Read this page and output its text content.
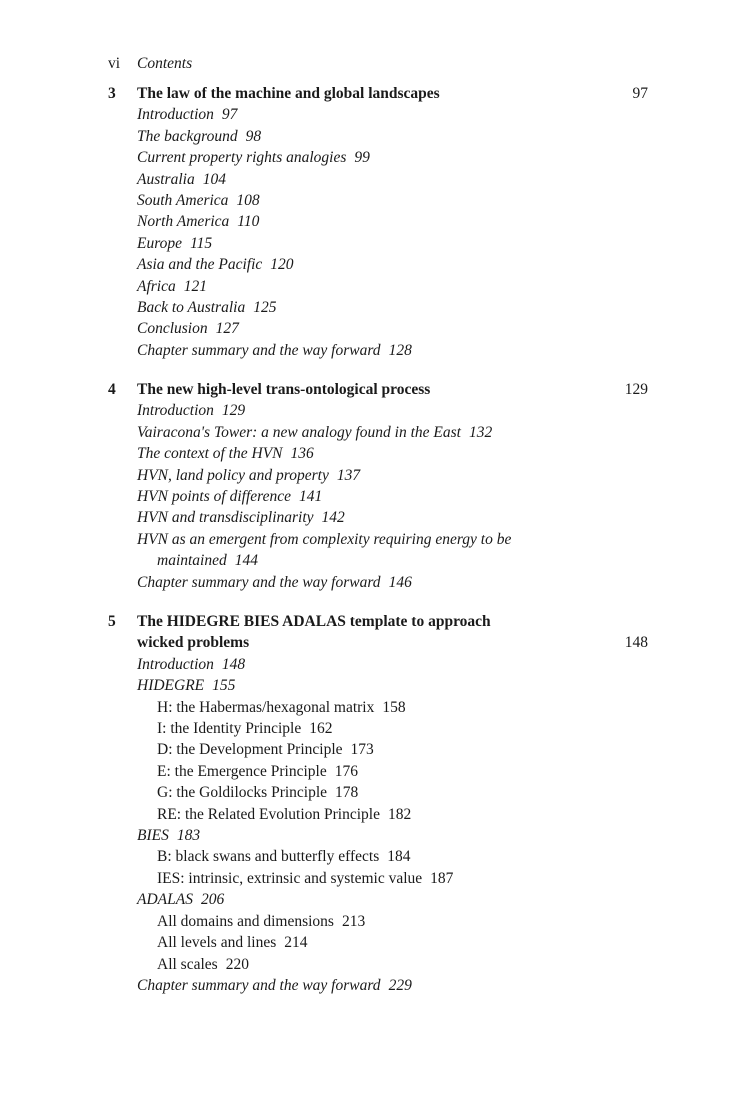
vi Contents
3 The law of the machine and global landscapes	97
Introduction 97
The background 98
Current property rights analogies 99
Australia 104
South America 108
North America 110
Europe 115
Asia and the Pacific 120
Africa 121
Back to Australia 125
Conclusion 127
Chapter summary and the way forward 128
4 The new high-level trans-ontological process	129
Introduction 129
Vairacona's Tower: a new analogy found in the East 132
The context of the HVN 136
HVN, land policy and property 137
HVN points of difference 141
HVN and transdisciplinarity 142
HVN as an emergent from complexity requiring energy to be maintained 144
Chapter summary and the way forward 146
5 The HIDEGRE BIES ADALAS template to approach wicked problems	148
Introduction 148
HIDEGRE 155
H: the Habermas/hexagonal matrix 158
I: the Identity Principle 162
D: the Development Principle 173
E: the Emergence Principle 176
G: the Goldilocks Principle 178
RE: the Related Evolution Principle 182
BIES 183
B: black swans and butterfly effects 184
IES: intrinsic, extrinsic and systemic value 187
ADALAS 206
All domains and dimensions 213
All levels and lines 214
All scales 220
Chapter summary and the way forward 229
